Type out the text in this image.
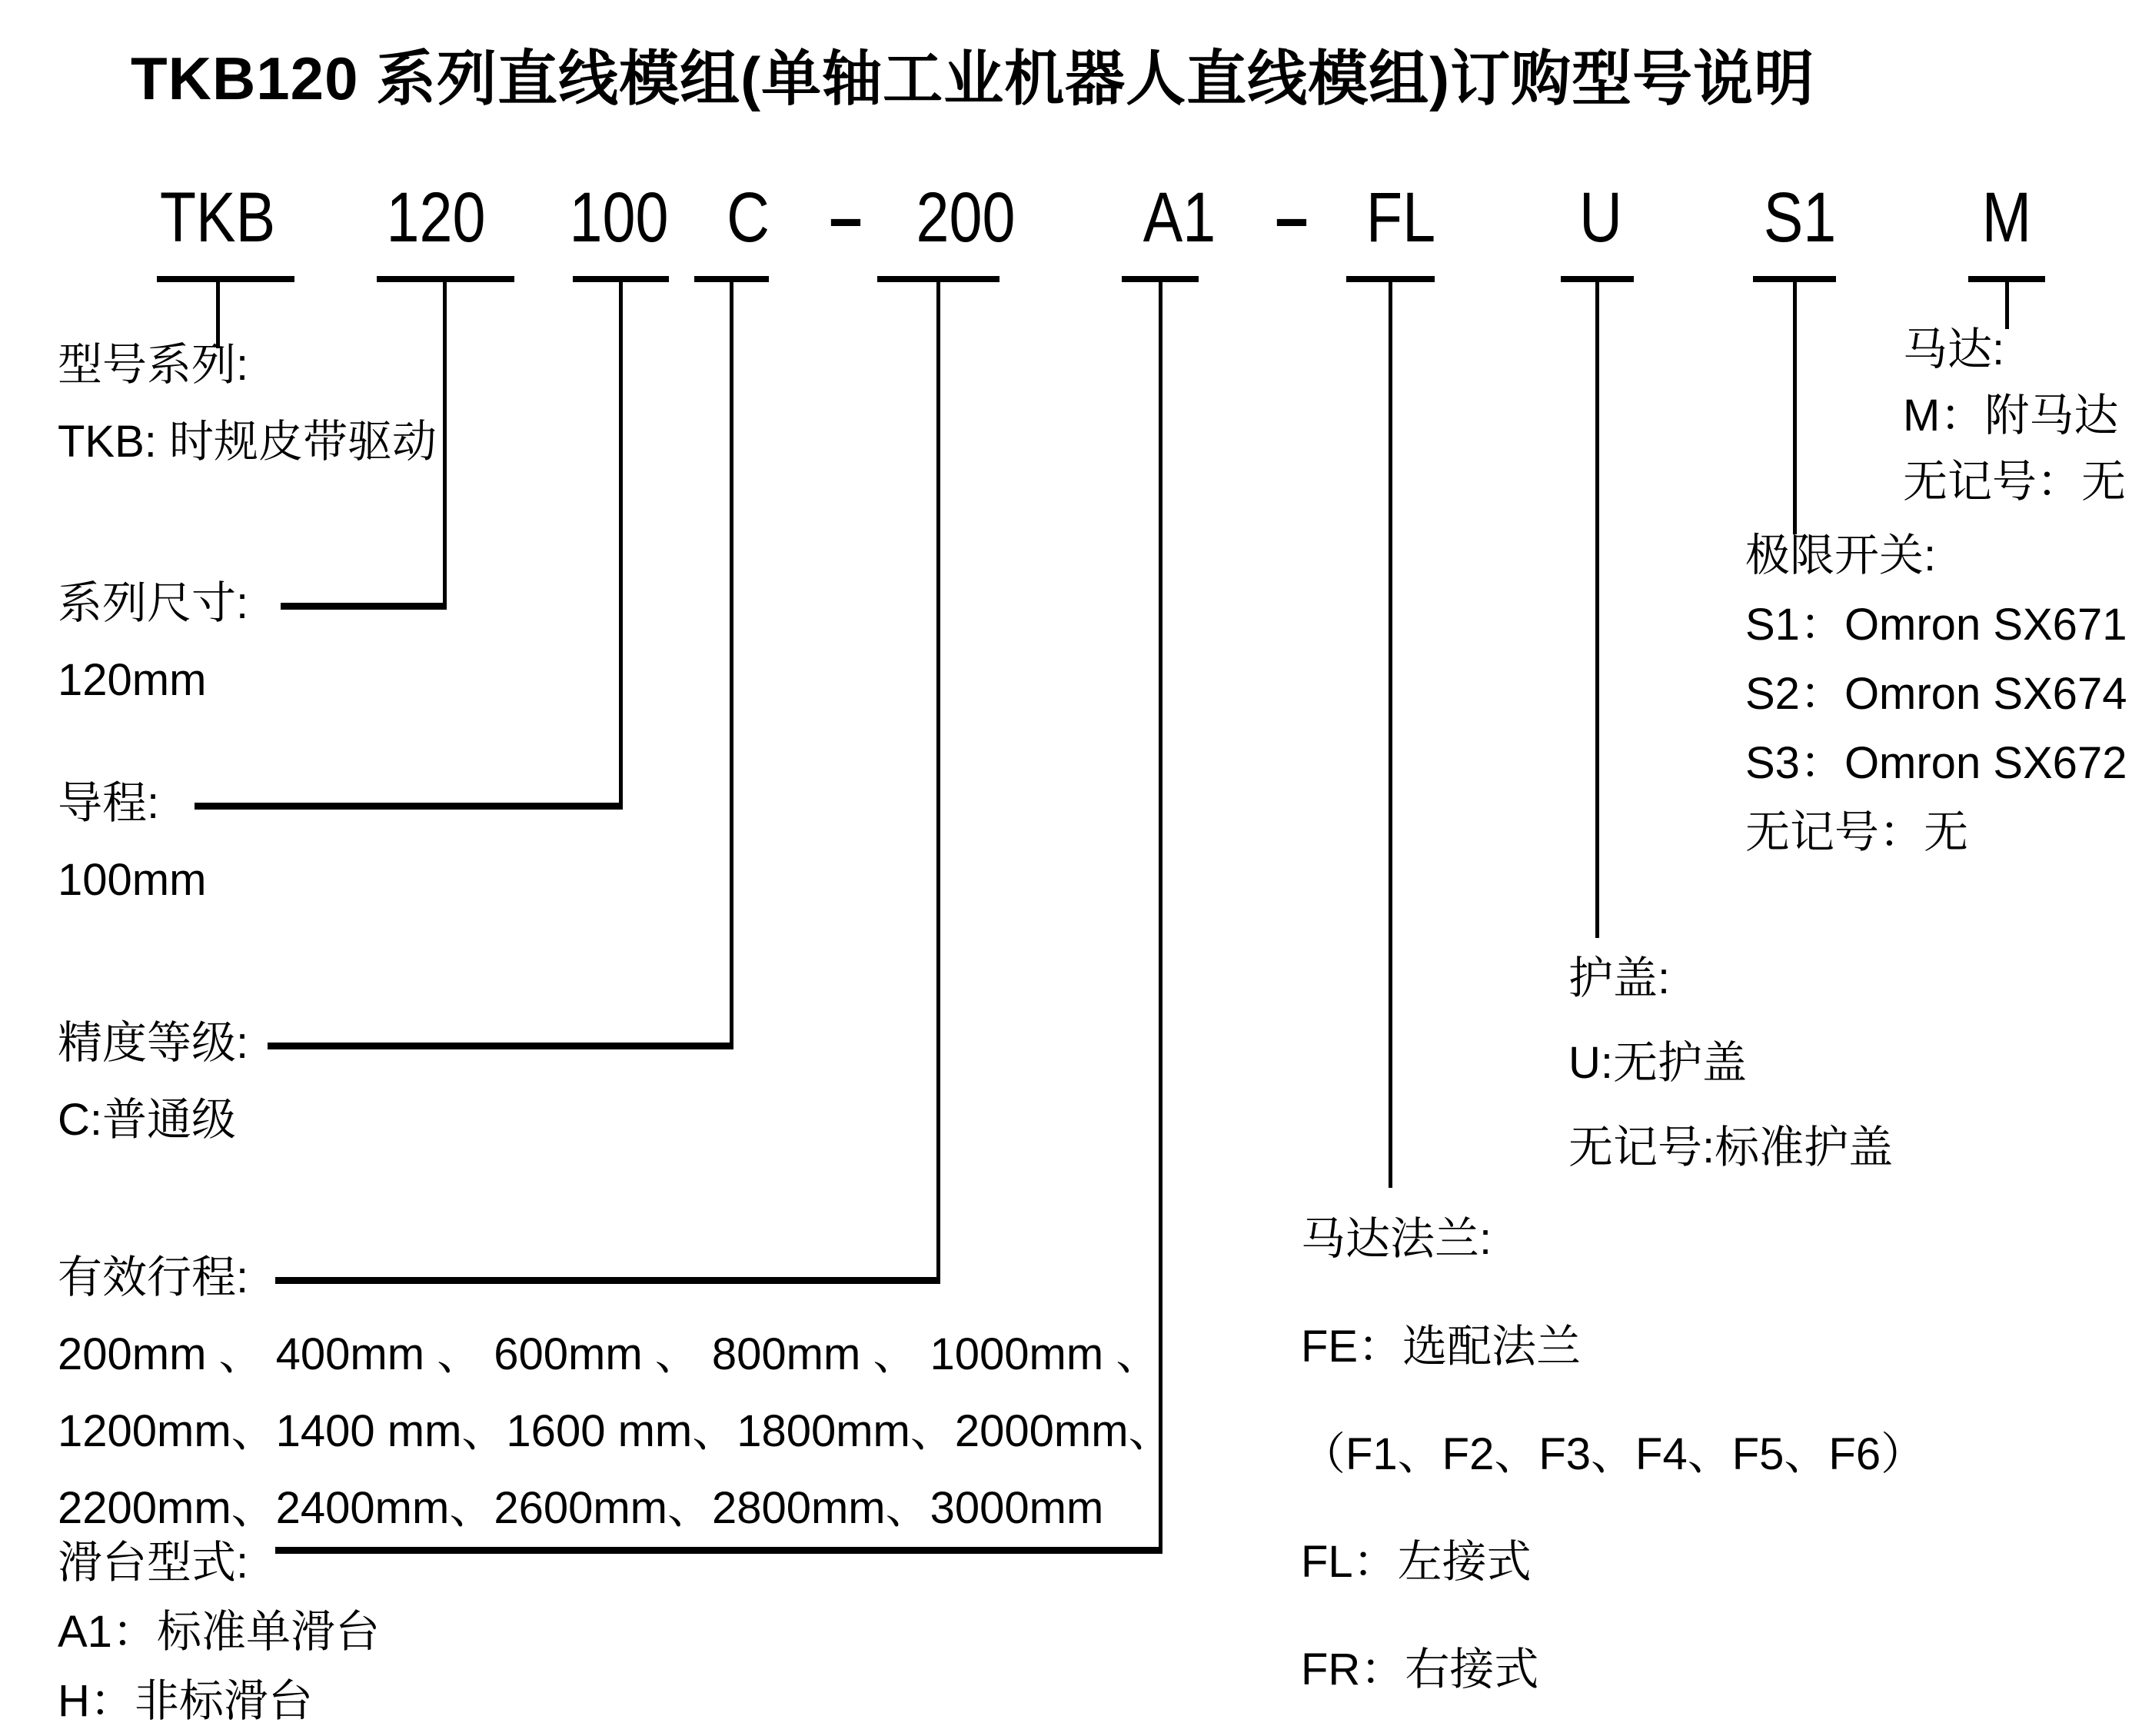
TKB120 系列直线模组(单轴工业机器人直线模组)订购型号说明
TKB 120 100 C – 200 A1 – FL U S1 M
型号系列:
TKB: 时规皮带驱动
系列尺寸:
120mm
导程:
100mm
精度等级:
C:普通级
有效行程:
200mm 、 400mm 、 600mm 、 800mm 、 1000mm 、
1200mm、1400 mm、1600 mm、1800mm、2000mm、
2200mm、2400mm、2600mm、2800mm、3000mm
滑台型式:
A1：标准单滑台
H：非标滑台
马达法兰:
FE：选配法兰
（F1、F2、F3、F4、F5、F6）
FL：左接式
FR：右接式
护盖:
U:无护盖
无记号:标准护盖
极限开关:
S1：Omron SX671
S2：Omron SX674
S3：Omron SX672
无记号：无
马达:
M：附马达
无记号：无
